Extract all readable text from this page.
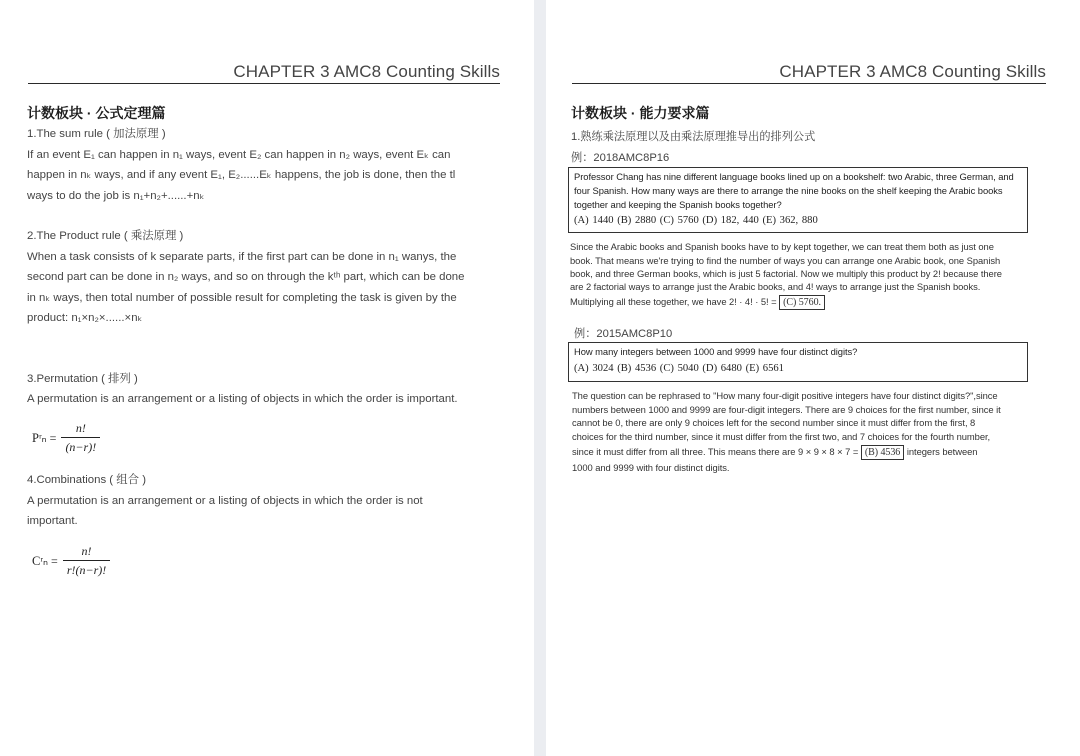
CHAPTER 3 AMC8 Counting Skills
计数板块 · 公式定理篇
1.The sum rule ( 加法原理 )
If an event E₁ can happen in n₁ ways, event E₂ can happen in n₂ ways, event Eₖ can
happen in nₖ ways, and if any event E₁, E₂......Eₖ happens, the job is done, then the tl
ways to do the job is n₁+n₂+......+nₖ
2.The Product rule ( 乘法原理 )
When a task consists of k separate parts, if the first part can be done in n₁ wanys, the
second part can be done in n₂ ways, and so on through the kᵗʰ part, which can be done
in nₖ ways, then total number of possible result for completing the task is given by the
product: n₁×n₂×......×nₖ
3.Permutation ( 排列 )
A permutation is an arrangement or a listing of objects in which the order is important.
Pʳₙ = $\frac{n!}{(n-r)!}$
4.Combinations ( 组合 )
A permutation is an arrangement or a listing of objects in which the order is not
important.
Cʳₙ = $\frac{n!}{r!(n-r)!}$
CHAPTER 3 AMC8 Counting Skills
计数板块 · 能力要求篇
1.熟练乘法原理以及由乘法原理推导出的排列公式
例：2018AMC8P16
Professor Chang has nine different language books lined up on a bookshelf: two Arabic, three German, and
four Spanish. How many ways are there to arrange the nine books on the shelf keeping the Arabic books
together and keeping the Spanish books together?
(A) 1440 (B) 2880 (C) 5760 (D) 182, 440 (E) 362, 880
Since the Arabic books and Spanish books have to by kept together, we can treat them both as just one
book. That means we're trying to find the number of ways you can arrange one Arabic book, one Spanish
book, and three German books, which is just 5 factorial. Now we multiply this product by 2! because there
are 2 factorial ways to arrange just the Arabic books, and 4! ways to arrange just the Spanish books.
Multiplying all these together, we have 2! · 4! · 5! = (C) 5760.
例：2015AMC8P10
How many integers between 1000 and 9999 have four distinct digits?
(A) 3024 (B) 4536 (C) 5040 (D) 6480 (E) 6561
The question can be rephrased to "How many four-digit positive integers have four distinct digits?",since
numbers between 1000 and 9999 are four-digit integers. There are 9 choices for the first number, since it
cannot be 0, there are only 9 choices left for the second number since it must differ from the first, 8
choices for the third number, since it must differ from the first two, and 7 choices for the fourth number,
since it must differ from all three. This means there are 9 × 9 × 8 × 7 = (B) 4536 integers between
1000 and 9999 with four distinct digits.
